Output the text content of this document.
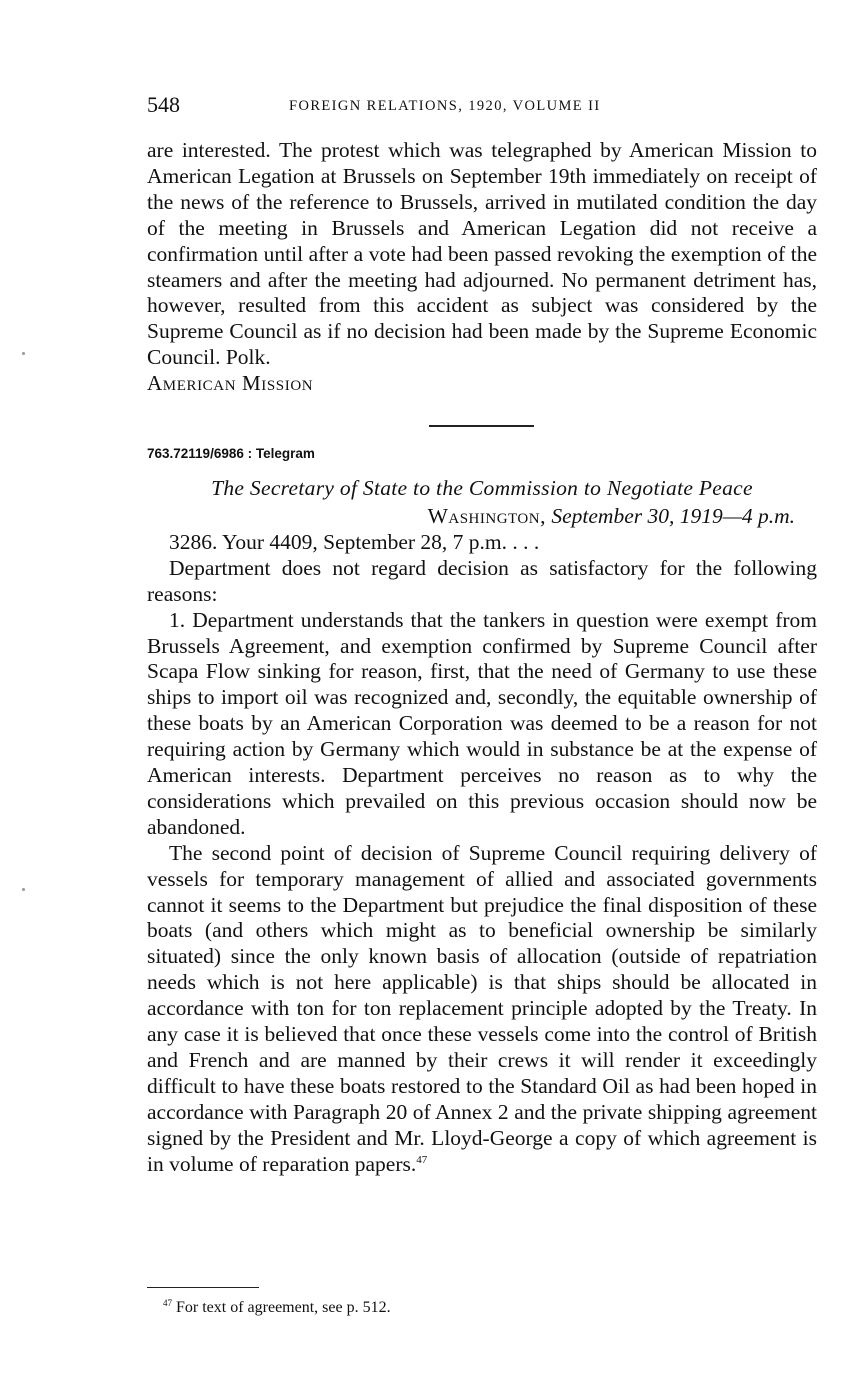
548	FOREIGN RELATIONS, 1920, VOLUME II

are interested. The protest which was telegraphed by American Mission to American Legation at Brussels on September 19th immediately on receipt of the news of the reference to Brussels, arrived in mutilated condition the day of the meeting in Brussels and American Legation did not receive a confirmation until after a vote had been passed revoking the exemption of the steamers and after the meeting had adjourned. No permanent detriment has, however, resulted from this accident as subject was considered by the Supreme Council as if no decision had been made by the Supreme Economic Council. Polk.

American Mission

763.72119/6986 : Telegram
The Secretary of State to the Commission to Negotiate Peace
Washington, September 30, 1919—4 p.m.

3286. Your 4409, September 28, 7 p.m. . . .

Department does not regard decision as satisfactory for the following reasons:

1. Department understands that the tankers in question were exempt from Brussels Agreement, and exemption confirmed by Supreme Council after Scapa Flow sinking for reason, first, that the need of Germany to use these ships to import oil was recognized and, secondly, the equitable ownership of these boats by an American Corporation was deemed to be a reason for not requiring action by Germany which would in substance be at the expense of American interests. Department perceives no reason as to why the considerations which prevailed on this previous occasion should now be abandoned.

The second point of decision of Supreme Council requiring delivery of vessels for temporary management of allied and associated governments cannot it seems to the Department but prejudice the final disposition of these boats (and others which might as to beneficial ownership be similarly situated) since the only known basis of allocation (outside of repatriation needs which is not here applicable) is that ships should be allocated in accordance with ton for ton replacement principle adopted by the Treaty. In any case it is believed that once these vessels come into the control of British and French and are manned by their crews it will render it exceedingly difficult to have these boats restored to the Standard Oil as had been hoped in accordance with Paragraph 20 of Annex 2 and the private shipping agreement signed by the President and Mr. Lloyd-George a copy of which agreement is in volume of reparation papers.$^{47}$

$^{47}$ For text of agreement, see p. 512.
